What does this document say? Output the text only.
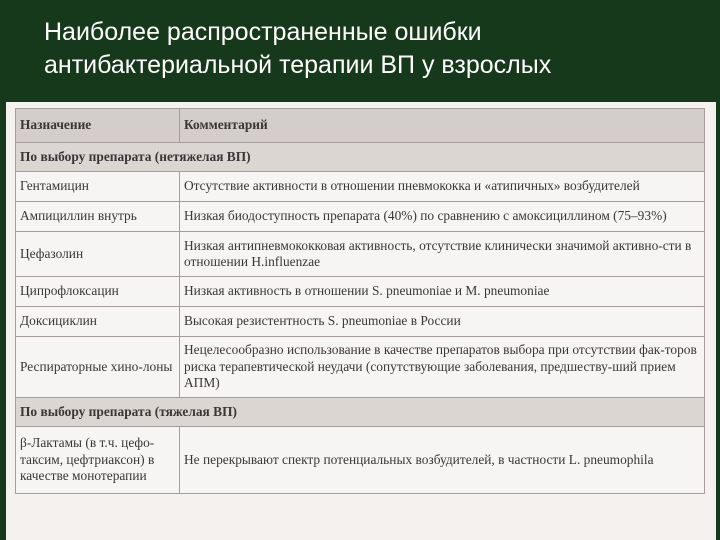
Наиболее распространенные ошибки
антибактериальной терапии ВП у взрослых
Назначение	Комментарий
По выбору препарата (нетяжелая ВП)	
Гентамицин	Отсутствие активности в отношении пневмококка и «атипичных» возбудителей
Ампициллин внутрь	Низкая биодоступность препарата (40%) по сравнению с амоксициллином (75–93%)
Цефазолин	Низкая антипневмококковая активность, отсутствие клинически значимой активно-сти в отношении H.influenzae
Ципрофлоксацин	Низкая активность в отношении S. pneumoniae и M. pneumoniae
Доксициклин	Высокая резистентность S. pneumoniae в России
Респираторные хино-лоны	Нецелесообразно использование в качестве препаратов выбора при отсутствии фак-торов риска терапевтической неудачи (сопутствующие заболевания, предшеству-ший прием АПМ)
По выбору препарата (тяжелая ВП)	
β-Лактамы (в т.ч. цефо-таксим, цефтриаксон) в качестве монотерапии	Не перекрывают спектр потенциальных возбудителей, в частности L. pneumophila
